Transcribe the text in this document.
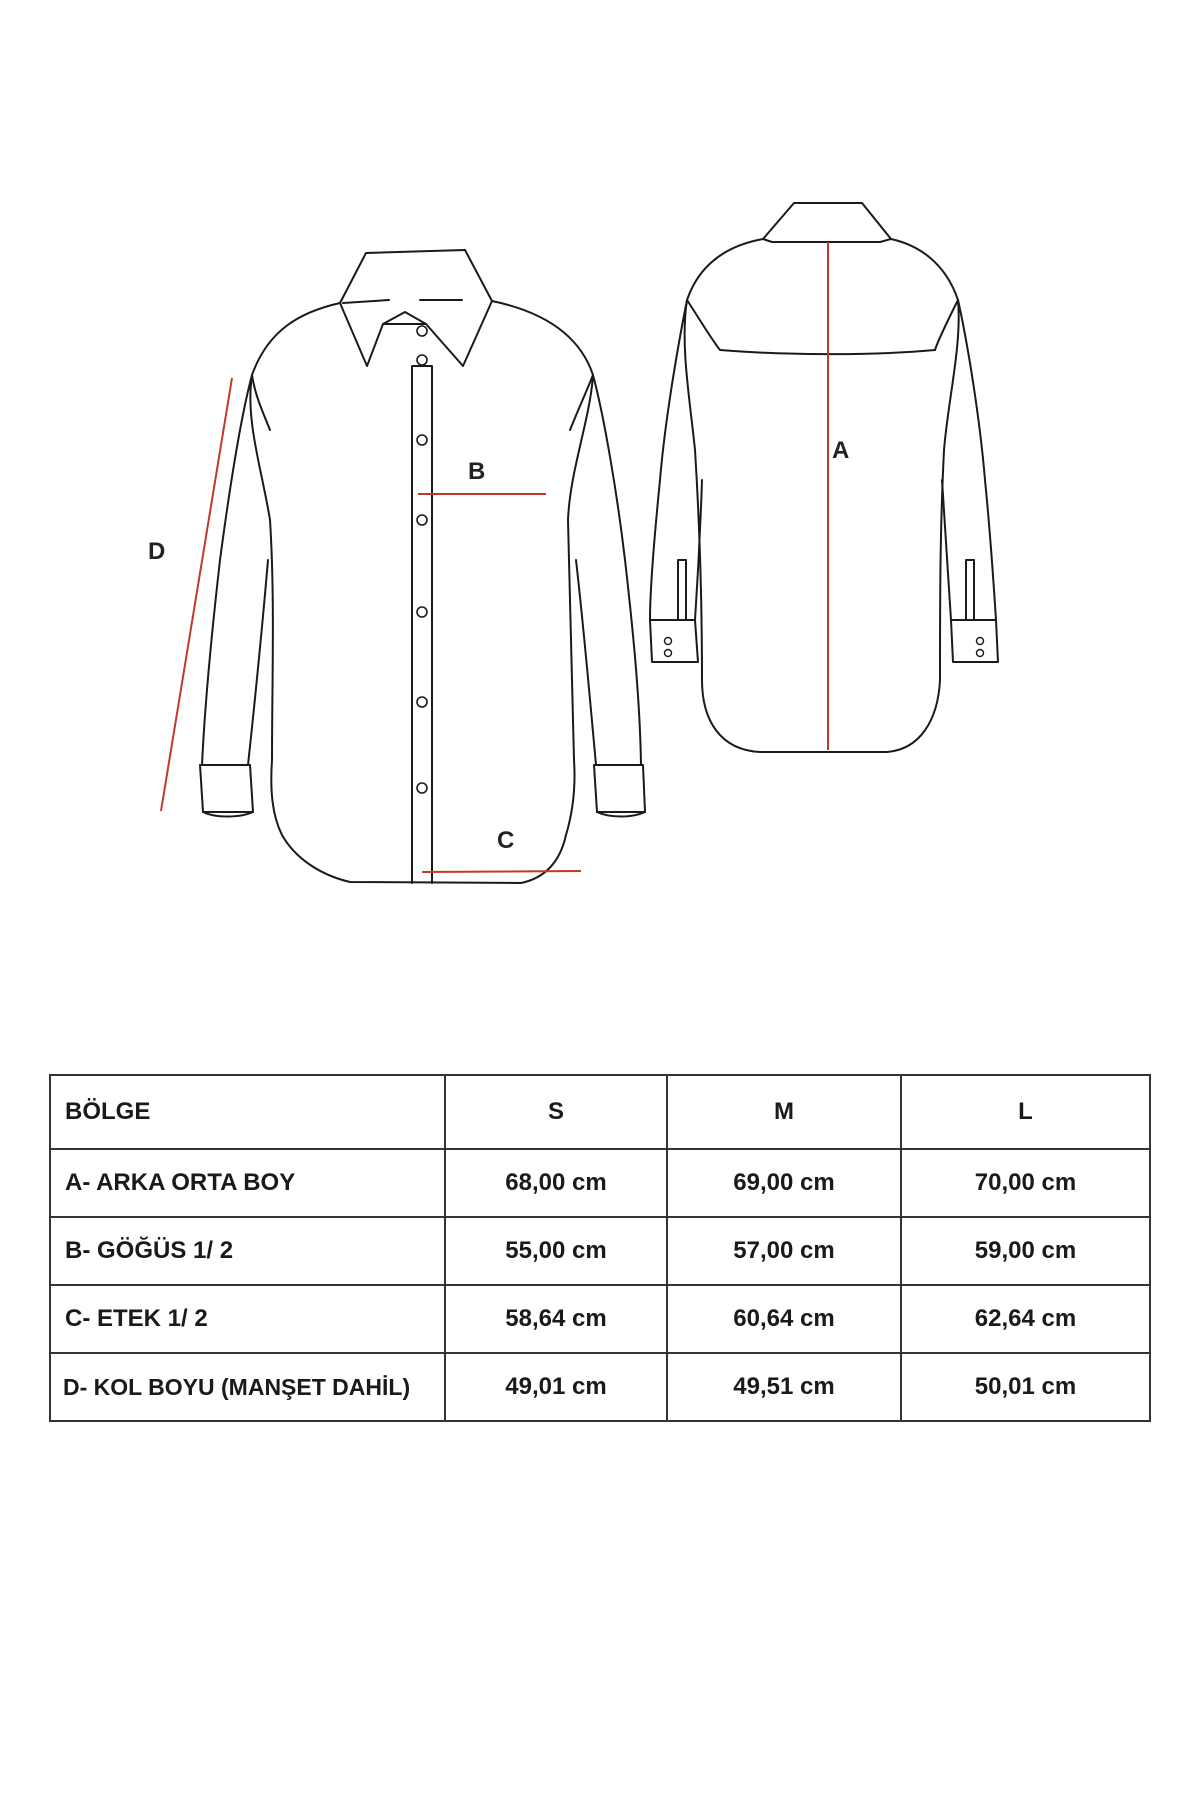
A
B
C
D
BÖLGE	S	M	L
A- ARKA ORTA BOY	68,00 cm	69,00 cm	70,00 cm
B- GÖĞÜS 1/ 2	55,00 cm	57,00 cm	59,00 cm
C- ETEK 1/ 2	58,64 cm	60,64 cm	62,64 cm
D- KOL BOYU (MANŞET DAHİL)	49,01 cm	49,51 cm	50,01 cm
